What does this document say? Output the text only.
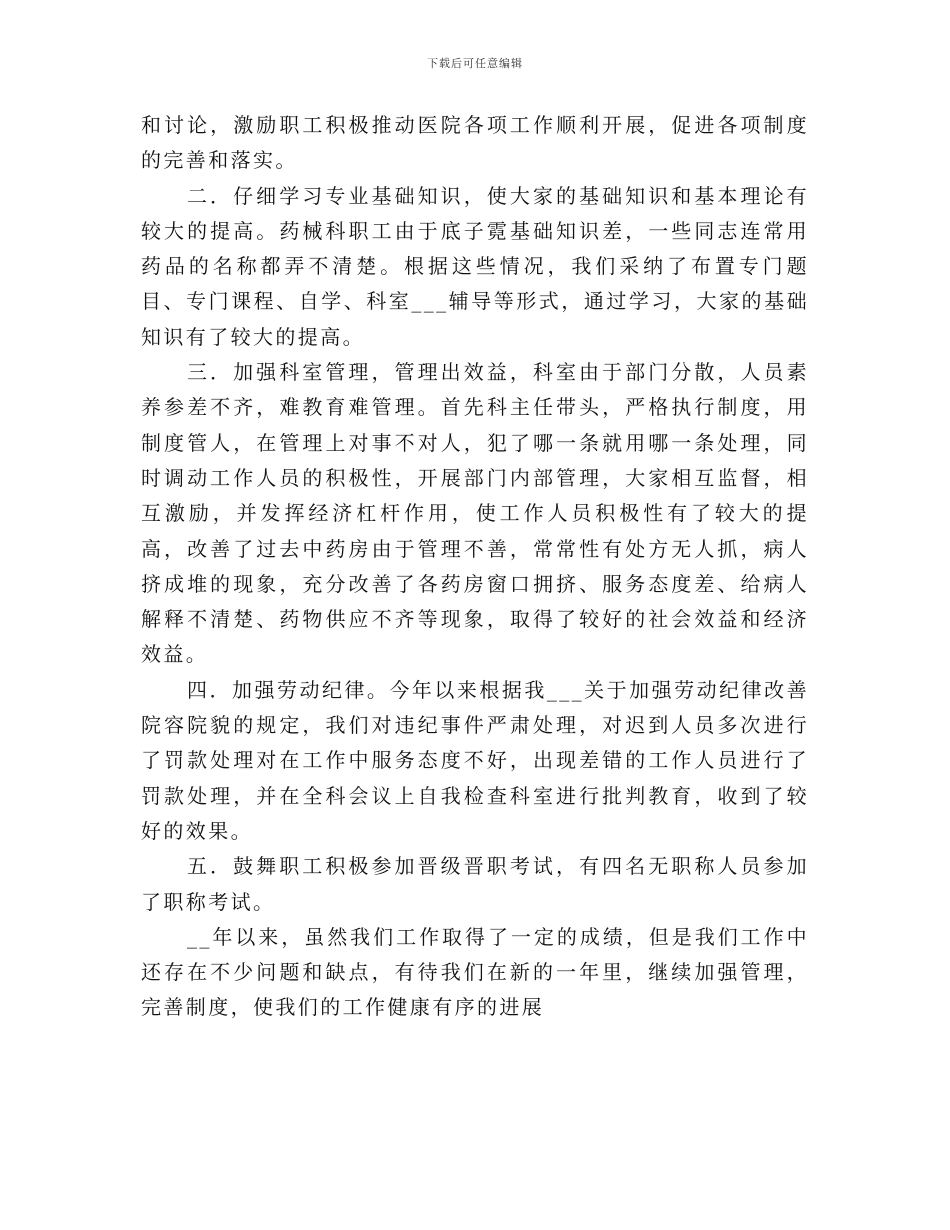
下载后可任意编辑

和讨论，激励职工积极推动医院各项工作顺利开展，促进各项制度的完善和落实。

二．仔细学习专业基础知识，使大家的基础知识和基本理论有较大的提高。药械科职工由于底子霓基础知识差，一些同志连常用药品的名称都弄不清楚。根据这些情况，我们采纳了布置专门题目、专门课程、自学、科室___辅导等形式，通过学习，大家的基础知识有了较大的提高。

三．加强科室管理，管理出效益，科室由于部门分散，人员素养参差不齐，难教育难管理。首先科主任带头，严格执行制度，用制度管人，在管理上对事不对人，犯了哪一条就用哪一条处理，同时调动工作人员的积极性，开展部门内部管理，大家相互监督，相互激励，并发挥经济杠杆作用，使工作人员积极性有了较大的提高，改善了过去中药房由于管理不善，常常性有处方无人抓，病人挤成堆的现象，充分改善了各药房窗口拥挤、服务态度差、给病人解释不清楚、药物供应不齐等现象，取得了较好的社会效益和经济效益。

四．加强劳动纪律。今年以来根据我___关于加强劳动纪律改善院容院貌的规定，我们对违纪事件严肃处理，对迟到人员多次进行了罚款处理对在工作中服务态度不好，出现差错的工作人员进行了罚款处理，并在全科会议上自我检查科室进行批判教育，收到了较好的效果。

五．鼓舞职工积极参加晋级晋职考试，有四名无职称人员参加了职称考试。

__年以来，虽然我们工作取得了一定的成绩，但是我们工作中还存在不少问题和缺点，有待我们在新的一年里，继续加强管理，完善制度，使我们的工作健康有序的进展
